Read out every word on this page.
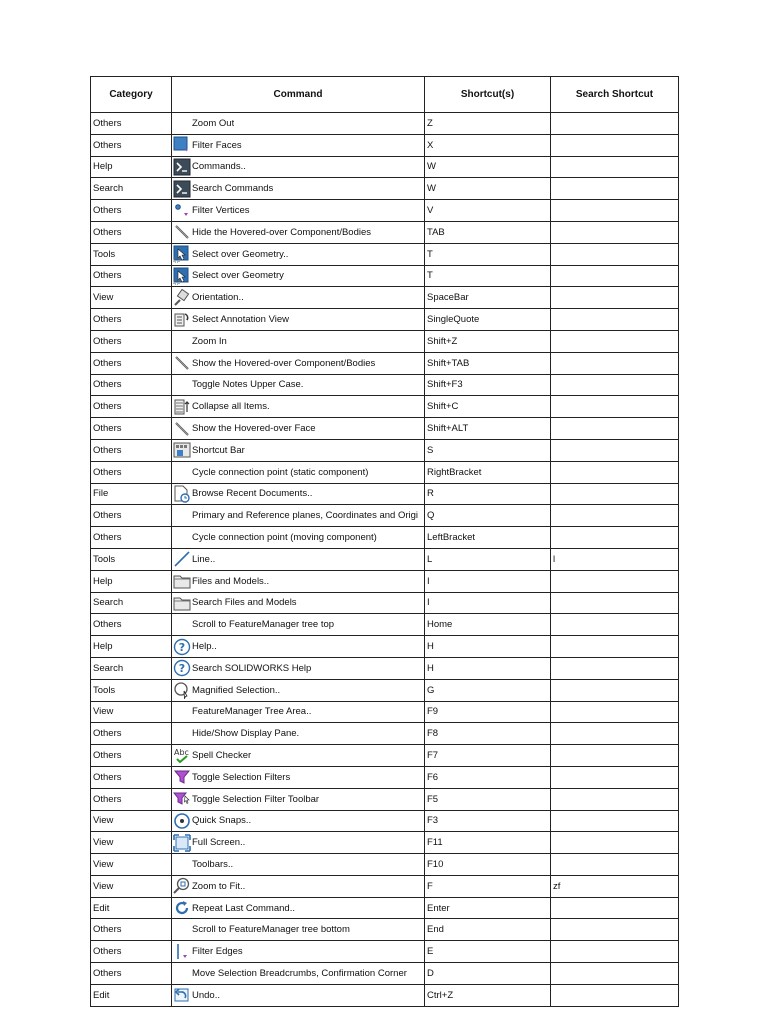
Category	Command	Shortcut(s)	Search Shortcut
Others	Zoom Out	Z	
Others	Filter Faces	X	
Help	Commands..	W	
Search	Search Commands	W	
Others	Filter Vertices	V	
Others	Hide the Hovered-over Component/Bodies	TAB	
Tools	Select over Geometry..	T	
Others	Select over Geometry	T	
View	Orientation..	SpaceBar	
Others	Select Annotation View	SingleQuote	
Others	Zoom In	Shift+Z	
Others	Show the Hovered-over Component/Bodies	Shift+TAB	
Others	Toggle Notes Upper Case.	Shift+F3	
Others	Collapse all Items.	Shift+C	
Others	Show the Hovered-over Face	Shift+ALT	
Others	Shortcut Bar	S	
Others	Cycle connection point (static component)	RightBracket	
File	Browse Recent Documents..	R	
Others	Primary and Reference planes, Coordinates and Origi	Q	
Others	Cycle connection point (moving component)	LeftBracket	
Tools	Line..	L	l
Help	Files and Models..	I	
Search	Search Files and Models	I	
Others	Scroll to FeatureManager tree top	Home	
Help	? Help..	H	
Search	? Search SOLIDWORKS Help	H	
Tools	Magnified Selection..	G	
View	FeatureManager Tree Area..	F9	
Others	Hide/Show Display Pane.	F8	
Others	Abc Spell Checker	F7	
Others	Toggle Selection Filters	F6	
Others	Toggle Selection Filter Toolbar	F5	
View	Quick Snaps..	F3	
View	Full Screen..	F11	
View	Toolbars..	F10	
View	Zoom to Fit..	F	zf
Edit	Repeat Last Command..	Enter	
Others	Scroll to FeatureManager tree bottom	End	
Others	Filter Edges	E	
Others	Move Selection Breadcrumbs, Confirmation Corner	D	
Edit	Undo..	Ctrl+Z	
